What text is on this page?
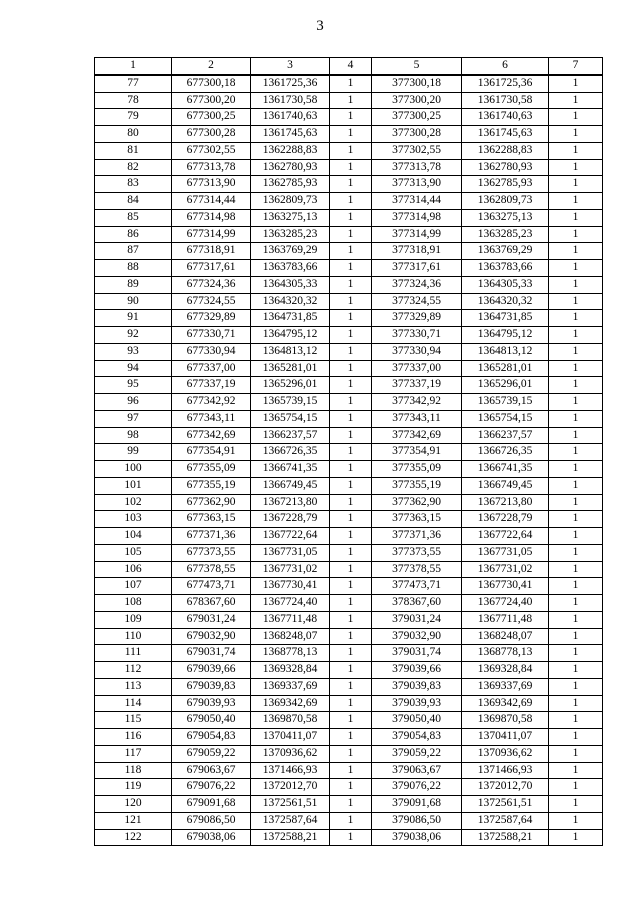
3
1	2	3	4	5	6	7
77	677300,18	1361725,36	1	377300,18	1361725,36	1
78	677300,20	1361730,58	1	377300,20	1361730,58	1
79	677300,25	1361740,63	1	377300,25	1361740,63	1
80	677300,28	1361745,63	1	377300,28	1361745,63	1
81	677302,55	1362288,83	1	377302,55	1362288,83	1
82	677313,78	1362780,93	1	377313,78	1362780,93	1
83	677313,90	1362785,93	1	377313,90	1362785,93	1
84	677314,44	1362809,73	1	377314,44	1362809,73	1
85	677314,98	1363275,13	1	377314,98	1363275,13	1
86	677314,99	1363285,23	1	377314,99	1363285,23	1
87	677318,91	1363769,29	1	377318,91	1363769,29	1
88	677317,61	1363783,66	1	377317,61	1363783,66	1
89	677324,36	1364305,33	1	377324,36	1364305,33	1
90	677324,55	1364320,32	1	377324,55	1364320,32	1
91	677329,89	1364731,85	1	377329,89	1364731,85	1
92	677330,71	1364795,12	1	377330,71	1364795,12	1
93	677330,94	1364813,12	1	377330,94	1364813,12	1
94	677337,00	1365281,01	1	377337,00	1365281,01	1
95	677337,19	1365296,01	1	377337,19	1365296,01	1
96	677342,92	1365739,15	1	377342,92	1365739,15	1
97	677343,11	1365754,15	1	377343,11	1365754,15	1
98	677342,69	1366237,57	1	377342,69	1366237,57	1
99	677354,91	1366726,35	1	377354,91	1366726,35	1
100	677355,09	1366741,35	1	377355,09	1366741,35	1
101	677355,19	1366749,45	1	377355,19	1366749,45	1
102	677362,90	1367213,80	1	377362,90	1367213,80	1
103	677363,15	1367228,79	1	377363,15	1367228,79	1
104	677371,36	1367722,64	1	377371,36	1367722,64	1
105	677373,55	1367731,05	1	377373,55	1367731,05	1
106	677378,55	1367731,02	1	377378,55	1367731,02	1
107	677473,71	1367730,41	1	377473,71	1367730,41	1
108	678367,60	1367724,40	1	378367,60	1367724,40	1
109	679031,24	1367711,48	1	379031,24	1367711,48	1
110	679032,90	1368248,07	1	379032,90	1368248,07	1
111	679031,74	1368778,13	1	379031,74	1368778,13	1
112	679039,66	1369328,84	1	379039,66	1369328,84	1
113	679039,83	1369337,69	1	379039,83	1369337,69	1
114	679039,93	1369342,69	1	379039,93	1369342,69	1
115	679050,40	1369870,58	1	379050,40	1369870,58	1
116	679054,83	1370411,07	1	379054,83	1370411,07	1
117	679059,22	1370936,62	1	379059,22	1370936,62	1
118	679063,67	1371466,93	1	379063,67	1371466,93	1
119	679076,22	1372012,70	1	379076,22	1372012,70	1
120	679091,68	1372561,51	1	379091,68	1372561,51	1
121	679086,50	1372587,64	1	379086,50	1372587,64	1
122	679038,06	1372588,21	1	379038,06	1372588,21	1
